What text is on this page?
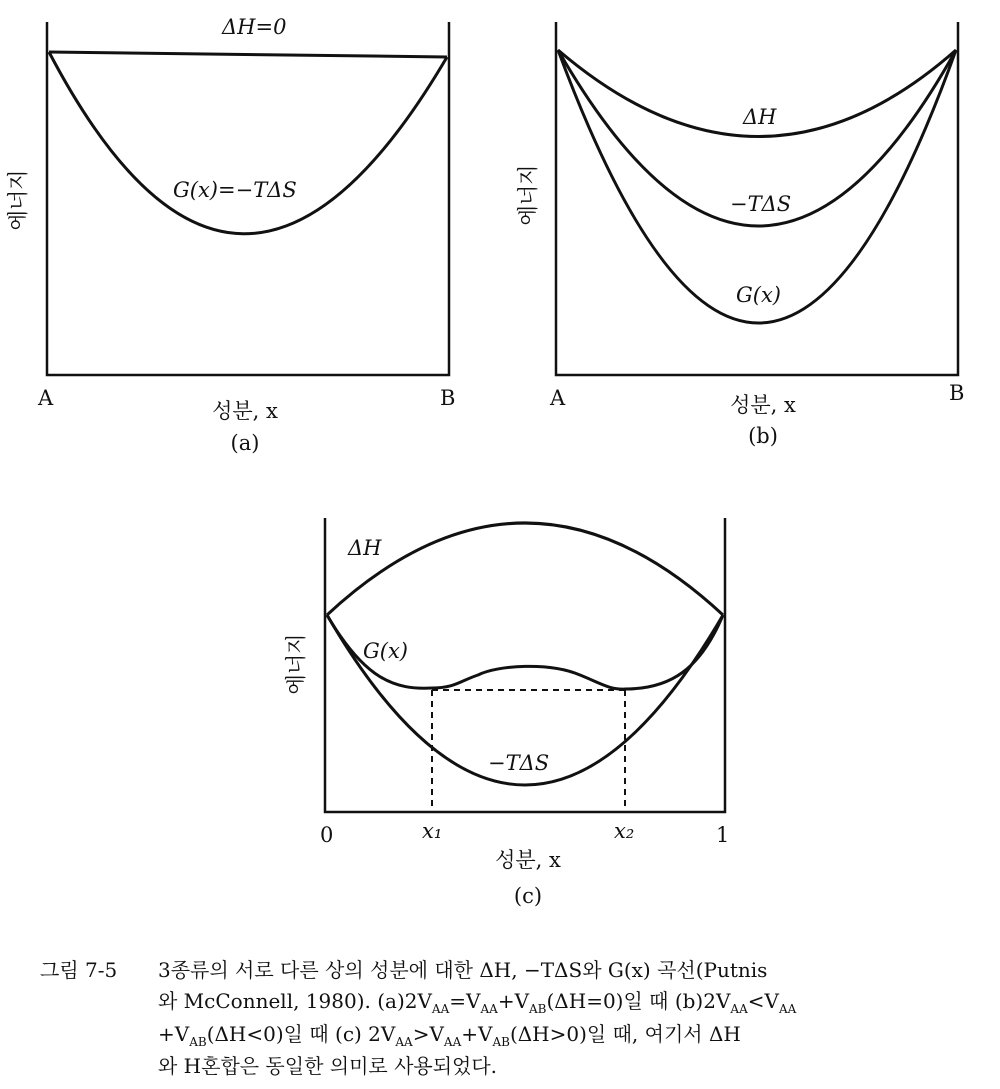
ΔH=0
G(x)=−TΔS
에너지
A	B
성분, x
(a)
ΔH
−TΔS
G(x)
에너지
A	B
성분, x
(b)
ΔH
G(x)
−TΔS
에너지
0	1
x₁	x₂
성분, x
(c)
그림 7-5 3종류의 서로 다른 상의 성분에 대한 ΔH, −TΔS와 G(x) 곡선(Putnis
와 McConnell, 1980). $(a)2V_{AA}=V_{AA}+V_{AB}(\Delta H=0)$일 때 $(b)2V_{AA}<V_{AA}$
$+V_{AB}(\Delta H<0)$일 때 (c) $2V_{AA}>V_{AA}+V_{AB}(\Delta H>0)$일 때, 여기서 ΔH
와 H혼합은 동일한 의미로 사용되었다.
